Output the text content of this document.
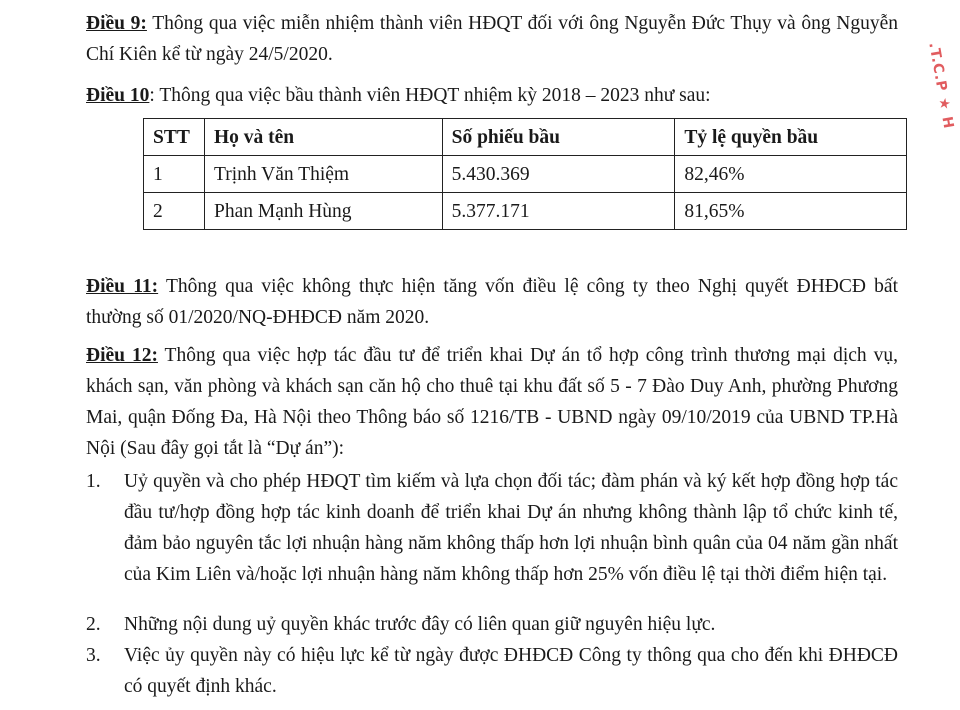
Điều 9: Thông qua việc miễn nhiệm thành viên HĐQT đối với ông Nguyễn Đức Thụy và ông Nguyễn Chí Kiên kể từ ngày 24/5/2020.
Điều 10: Thông qua việc bầu thành viên HĐQT nhiệm kỳ 2018 – 2023 như sau:
STT	Họ và tên	Số phiếu bầu	Tỷ lệ quyền bầu
1	Trịnh Văn Thiệm	5.430.369	82,46%
2	Phan Mạnh Hùng	5.377.171	81,65%
Điều 11: Thông qua việc không thực hiện tăng vốn điều lệ công ty theo Nghị quyết ĐHĐCĐ bất thường số 01/2020/NQ-ĐHĐCĐ năm 2020.
Điều 12: Thông qua việc hợp tác đầu tư để triển khai Dự án tổ hợp công trình thương mại dịch vụ, khách sạn, văn phòng và khách sạn căn hộ cho thuê tại khu đất số 5 - 7 Đào Duy Anh, phường Phương Mai, quận Đống Đa, Hà Nội theo Thông báo số 1216/TB - UBND ngày 09/10/2019 của UBND TP.Hà Nội (Sau đây gọi tắt là “Dự án”):
1.	Uỷ quyền và cho phép HĐQT tìm kiếm và lựa chọn đối tác; đàm phán và ký kết hợp đồng hợp tác đầu tư/hợp đồng hợp tác kinh doanh để triển khai Dự án nhưng không thành lập tổ chức kinh tế, đảm bảo nguyên tắc lợi nhuận hàng năm không thấp hơn lợi nhuận bình quân của 04 năm gần nhất của Kim Liên và/hoặc lợi nhuận hàng năm không thấp hơn 25% vốn điều lệ tại thời điểm hiện tại.
2.	Những nội dung uỷ quyền khác trước đây có liên quan giữ nguyên hiệu lực.
3.	Việc ủy quyền này có hiệu lực kể từ ngày được ĐHĐCĐ Công ty thông qua cho đến khi ĐHĐCĐ có quyết định khác.
.T.C.P ★ H
